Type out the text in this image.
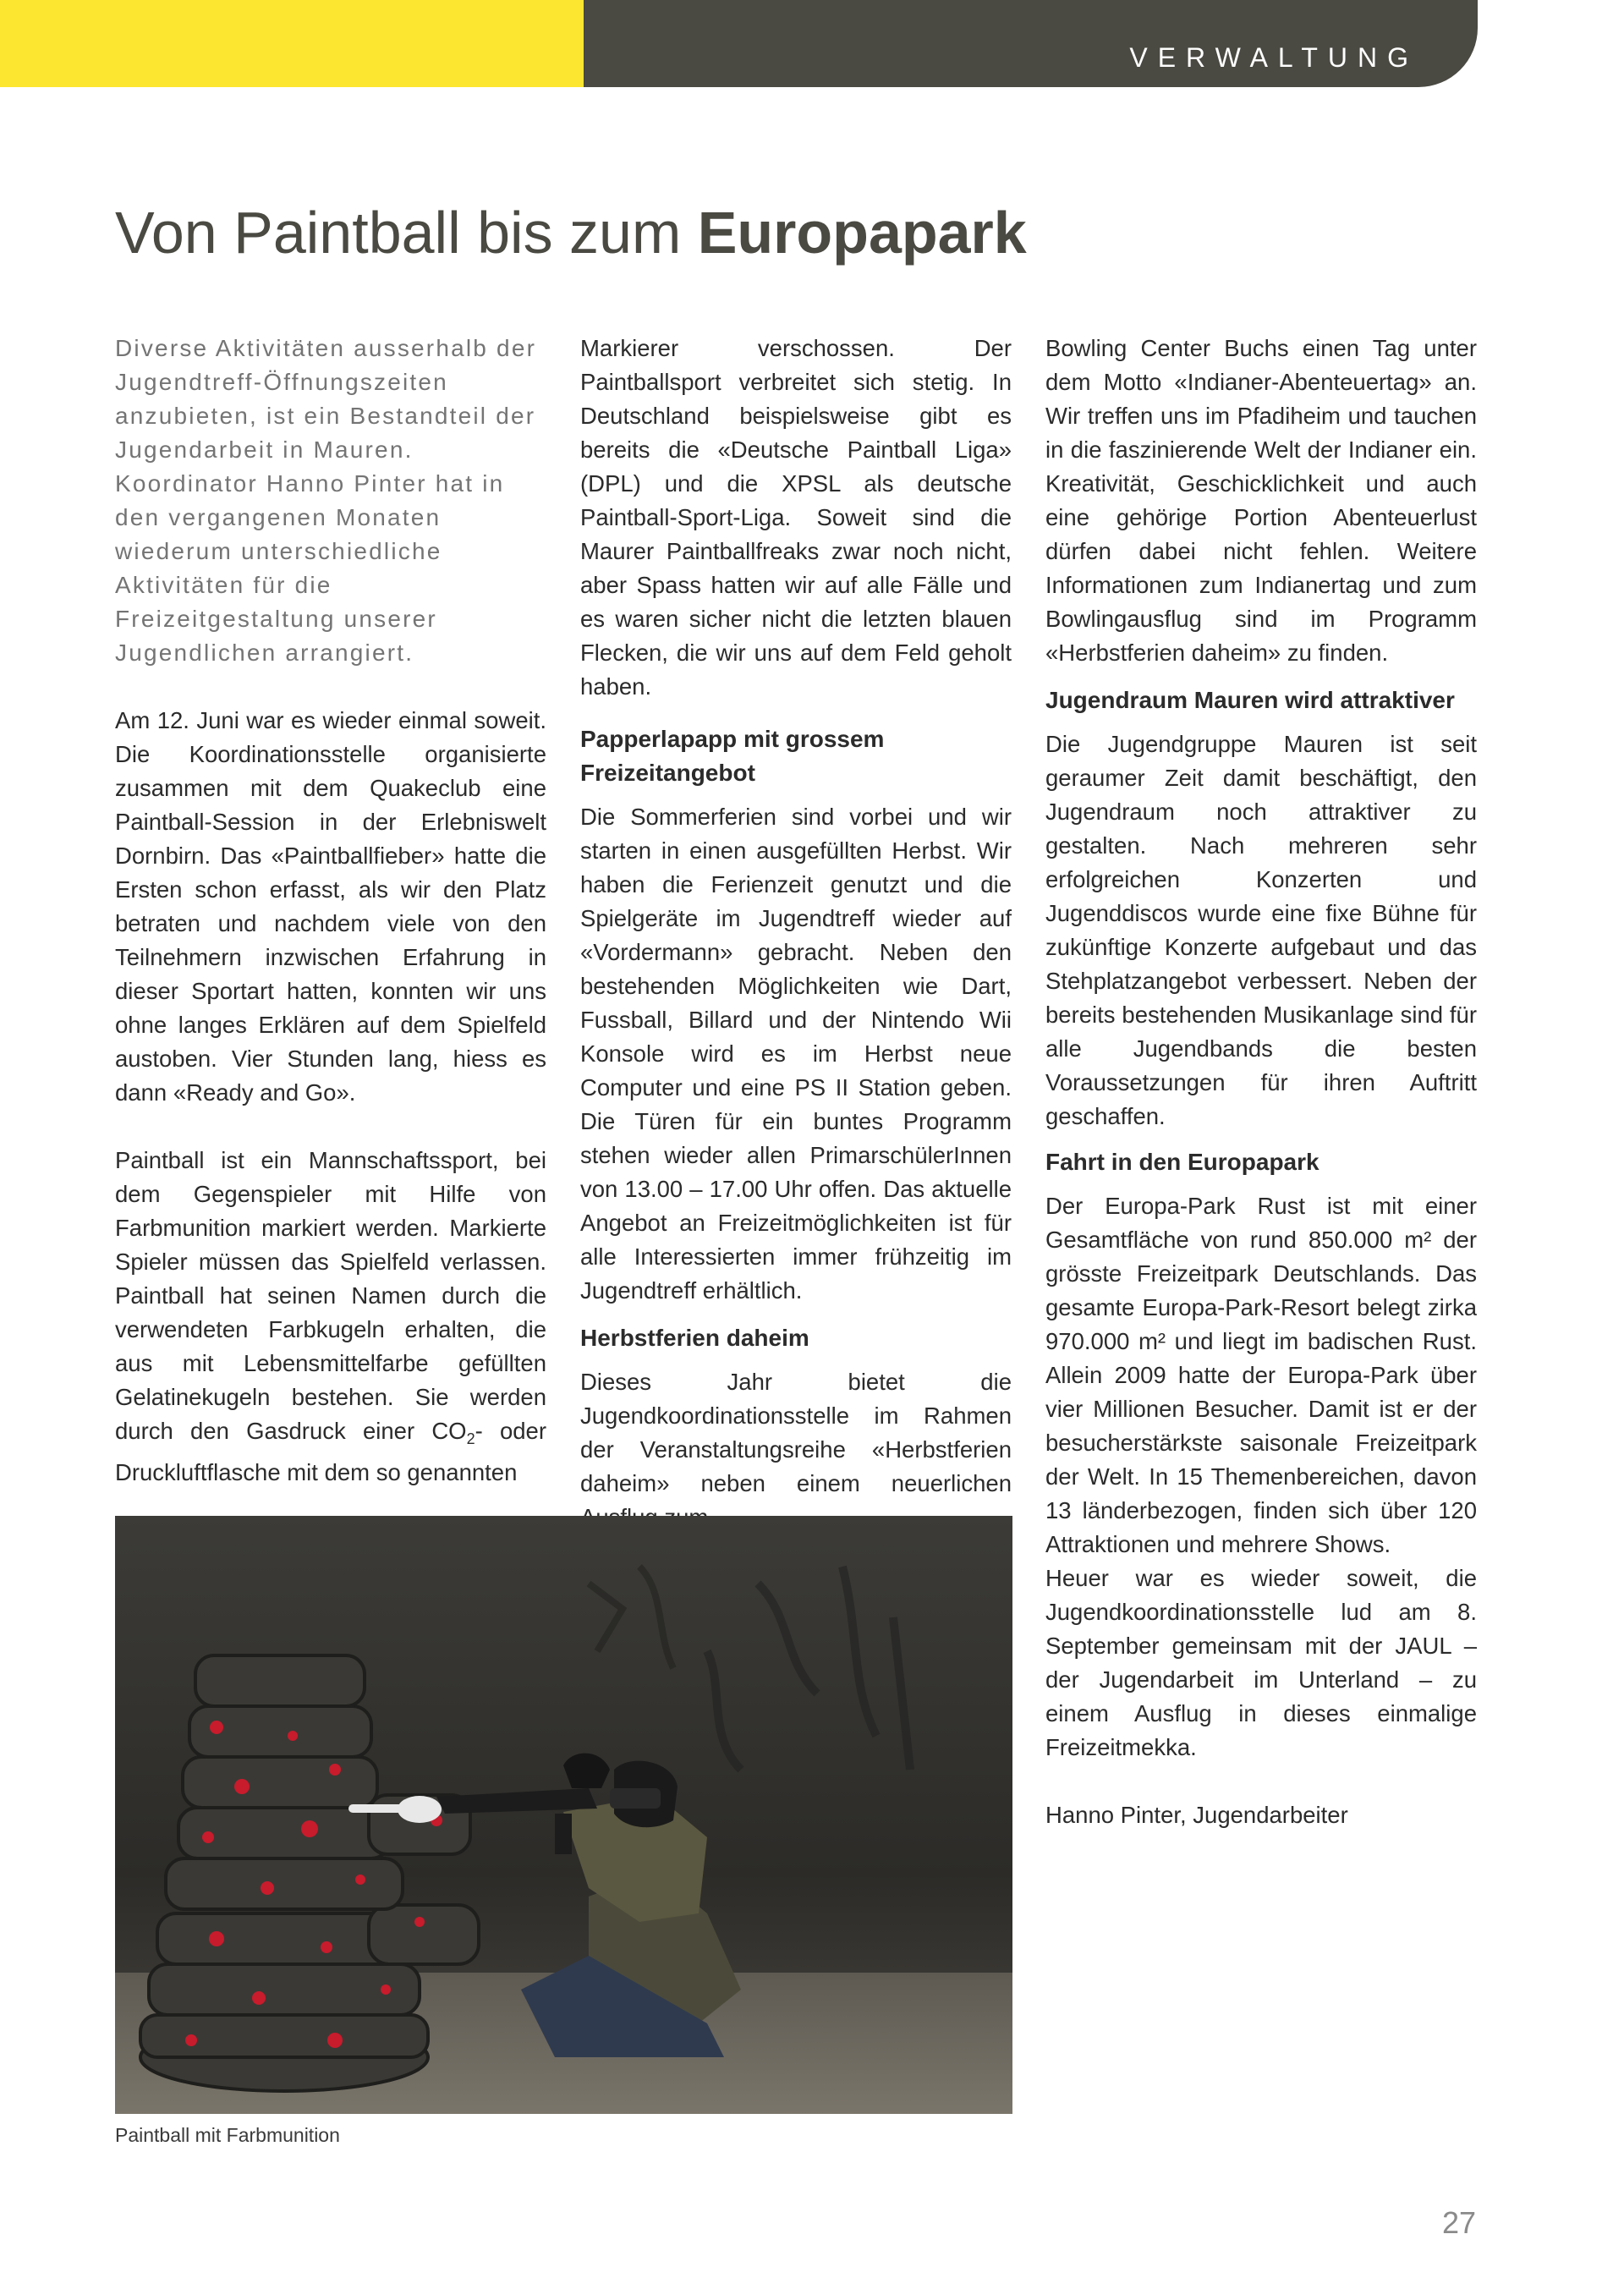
VERWALTUNG
Von Paintball bis zum Europapark

Diverse Aktivitäten ausserhalb der Jugendtreff-Öffnungszeiten anzubieten, ist ein Bestandteil der Jugendarbeit in Mauren. Koordinator Hanno Pinter hat in den vergangenen Monaten wiederum unterschiedliche Aktivitäten für die Freizeitgestaltung unserer Jugendlichen arrangiert.

Am 12. Juni war es wieder einmal soweit. Die Koordinationsstelle organisierte zusammen mit dem Quakeclub eine Paintball-Session in der Erlebniswelt Dornbirn. Das «Paintballfieber» hatte die Ersten schon erfasst, als wir den Platz betraten und nachdem viele von den Teilnehmern inzwischen Erfahrung in dieser Sportart hatten, konnten wir uns ohne langes Erklären auf dem Spielfeld austoben. Vier Stunden lang, hiess es dann «Ready and Go».

Paintball ist ein Mannschaftssport, bei dem Gegenspieler mit Hilfe von Farbmunition markiert werden. Markierte Spieler müssen das Spielfeld verlassen. Paintball hat seinen Namen durch die verwendeten Farbkugeln erhalten, die aus mit Lebensmittelfarbe gefüllten Gelatinekugeln bestehen. Sie werden durch den Gasdruck einer $CO_2-$ oder Druckluftflasche mit dem so genannten

Markierer verschossen. Der Paintballsport verbreitet sich stetig. In Deutschland beispielsweise gibt es bereits die «Deutsche Paintball Liga» (DPL) und die XPSL als deutsche Paintball-Sport-Liga. Soweit sind die Maurer Paintballfreaks zwar noch nicht, aber Spass hatten wir auf alle Fälle und es waren sicher nicht die letzten blauen Flecken, die wir uns auf dem Feld geholt haben.

Papperlapapp mit grossem Freizeitangebot

Die Sommerferien sind vorbei und wir starten in einen ausgefüllten Herbst. Wir haben die Ferienzeit genutzt und die Spielgeräte im Jugendtreff wieder auf «Vordermann» gebracht. Neben den bestehenden Möglichkeiten wie Dart, Fussball, Billard und der Nintendo Wii Konsole wird es im Herbst neue Computer und eine PS II Station geben. Die Türen für ein buntes Programm stehen wieder allen PrimarschülerInnen von 13.00 – 17.00 Uhr offen. Das aktuelle Angebot an Freizeitmöglichkeiten ist für alle Interessierten immer frühzeitig im Jugendtreff erhältlich.

Herbstferien daheim

Dieses Jahr bietet die Jugendkoordinationsstelle im Rahmen der Veranstaltungsreihe «Herbstferien daheim» neben einem neuerlichen

Bowling Center Buchs einen Tag unter dem Motto «Indianer-Abenteuertag» an. Wir treffen uns im Pfadiheim und tauchen in die faszinierende Welt der Indianer ein. Kreativität, Geschicklichkeit und auch eine gehörige Portion Abenteuerlust dürfen dabei nicht fehlen. Weitere Informationen zum Indianertag und zum Bowlingausflug sind im Programm «Herbstferien daheim» zu finden.

Jugendraum Mauren wird attraktiver

Die Jugendgruppe Mauren ist seit geraumer Zeit damit beschäftigt, den Jugendraum noch attraktiver zu gestalten. Nach mehreren sehr erfolgreichen Konzerten und Jugenddiscos wurde eine fixe Bühne für zukünftige Konzerte aufgebaut und das Stehplatzangebot verbessert. Neben der bereits bestehenden Musikanlage sind für alle Jugendbands die besten Voraussetzungen für ihren Auftritt geschaffen.

Fahrt in den Europapark

Der Europa-Park Rust ist mit einer Gesamtfläche von rund 850.000 m² der grösste Freizeitpark Deutschlands. Das gesamte Europa-Park-Resort belegt zirka 970.000 m² und liegt im badischen Rust. Allein 2009 hatte der Europa-Park über vier Millionen Besucher. Damit ist er der besucherstärkste saisonale Freizeitpark der Welt. In 15 Themenbereichen, davon 13 länderbezogen, finden sich über 120 Attraktionen und mehrere Shows.

Heuer war es wieder soweit, die Jugendkoordinationsstelle lud am 8. September gemeinsam mit der JAUL – der Jugendarbeit im Unterland – zu einem Ausflug in dieses einmalige Freizeitmekka.

Hanno Pinter, Jugendarbeiter

Paintball mit Farbmunition
27
